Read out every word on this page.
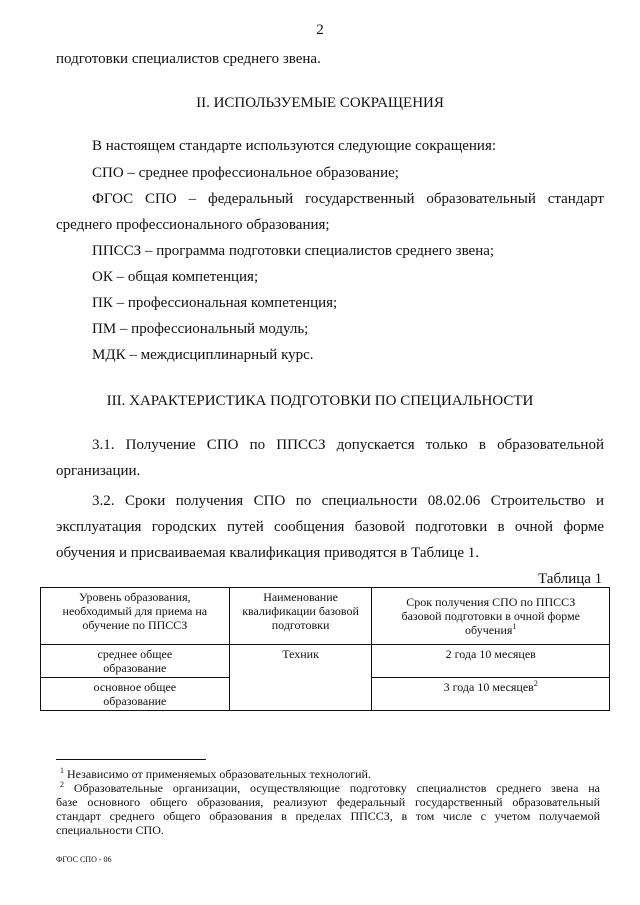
2

подготовки специалистов среднего звена.

II. ИСПОЛЬЗУЕМЫЕ СОКРАЩЕНИЯ

В настоящем стандарте используются следующие сокращения:

СПО – среднее профессиональное образование;

ФГОС СПО – федеральный государственный образовательный стандарт

среднего профессионального образования;

ППССЗ – программа подготовки специалистов среднего звена;

ОК – общая компетенция;

ПК – профессиональная компетенция;

ПМ – профессиональный модуль;

МДК – междисциплинарный курс.

III. ХАРАКТЕРИСТИКА ПОДГОТОВКИ ПО СПЕЦИАЛЬНОСТИ

3.1. Получение СПО по ППССЗ допускается только в образовательной

организации.

3.2. Сроки получения СПО по специальности 08.02.06 Строительство и

эксплуатация городских путей сообщения базовой подготовки в очной форме

обучения и присваиваемая квалификация приводятся в Таблице 1.

Таблица 1

Уровень образования,
необходимый для приема на
обучение по ППССЗ	Наименование
квалификации базовой
подготовки	Срок получения СПО по ППССЗ
базовой подготовки в очной форме
обучения$^1$
среднее общее
образование	Техник	2 года 10 месяцев
основное общее
образование		3 года 10 месяцев$^2$

$^1$ Независимо от применяемых образовательных технологий.

$^2$ Образовательные организации, осуществляющие подготовку специалистов среднего звена на

базе основного общего образования, реализуют федеральный государственный образовательный

стандарт среднего общего образования в пределах ППССЗ, в том числе с учетом получаемой

специальности СПО.

ФГОС СПО - 06
